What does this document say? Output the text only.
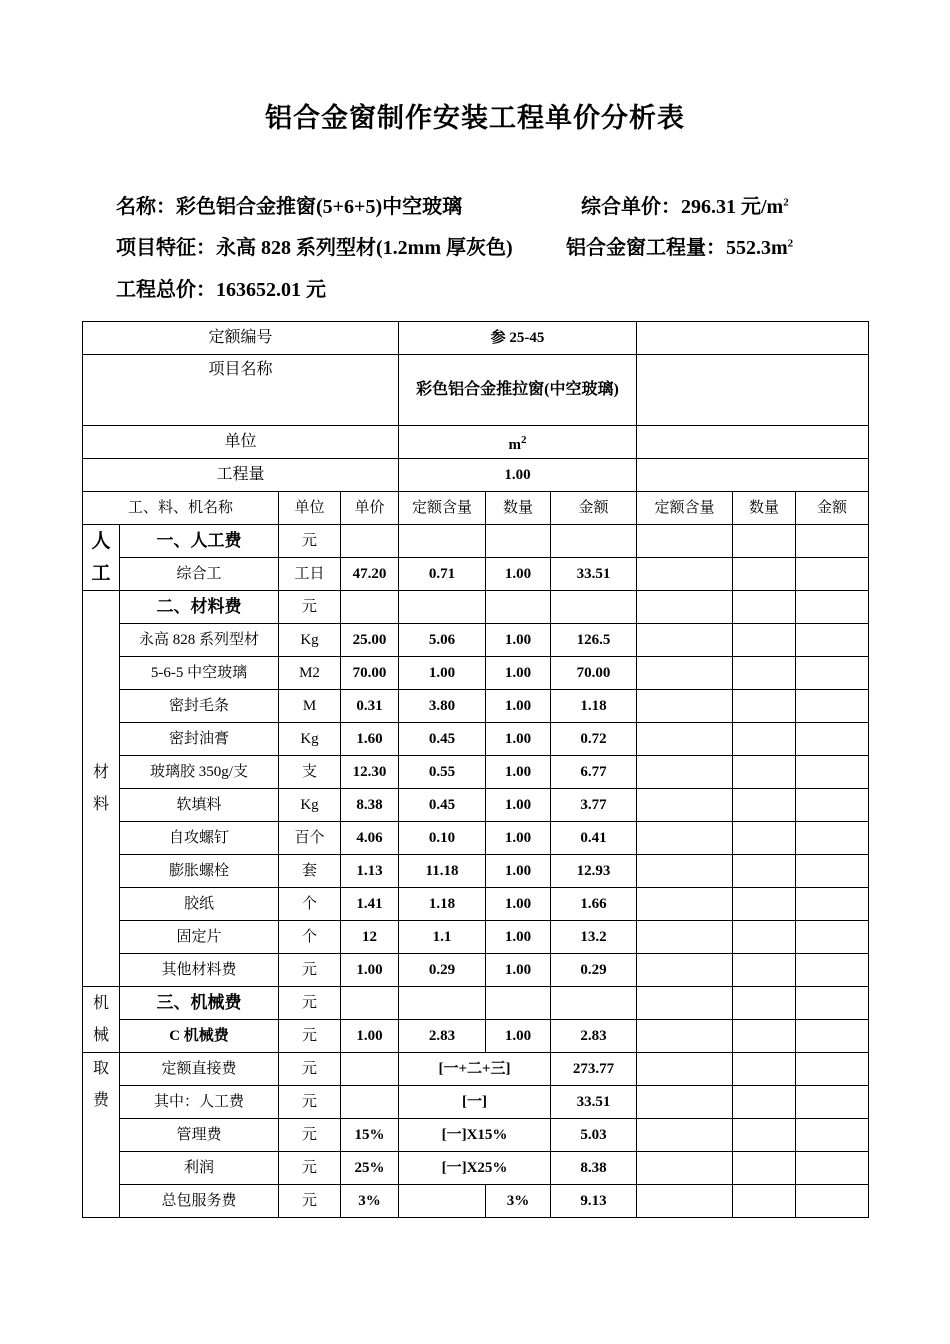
铝合金窗制作安装工程单价分析表
名称：彩色铝合金推窗(5+6+5)中空玻璃	综合单价：296.31 元$/m^2$
项目特征：永高 828 系列型材(1.2mm 厚灰色)	铝合金窗工程量：$552.3m^2$
工程总价：163652.01 元
定额编号				参 25-45					
项目名称				彩色铝合金推拉窗(中空玻璃)					
单位				$m^2$	
工程量				1.00					
工、料、机名称		单位	单价	定额含量	数量	金额	定额含量	数量	金额
人
工	一、人工费	元							
	综合工	工日	47.20	0.71	1.00	33.51			
材
料	二、材料费	元							
	永高 828 系列型材	Kg	25.00	5.06	1.00	126.5			
	5-6-5 中空玻璃	M2	70.00	1.00	1.00	70.00			
	密封毛条	M	0.31	3.80	1.00	1.18			
	密封油膏	Kg	1.60	0.45	1.00	0.72			
	玻璃胶 350g/支	支	12.30	0.55	1.00	6.77			
	软填料	Kg	8.38	0.45	1.00	3.77			
	自攻螺钉	百个	4.06	0.10	1.00	0.41			
	膨胀螺栓	套	1.13	11.18	1.00	12.93			
	胶纸	个	1.41	1.18	1.00	1.66			
	固定片	个	12	1.1	1.00	13.2			
	其他材料费	元	1.00	0.29	1.00	0.29			
机
械	三、机械费	元							
	C 机械费	元	1.00	2.83	1.00	2.83			
取
费	定额直接费	元		[一+二+三]		273.77			
	其中：人工费	元		[一]		33.51			
	管理费	元	15%	[一]X15%		5.03			
	利润	元	25%	[一]X25%		8.38			
	总包服务费	元	3%		3%	9.13			
